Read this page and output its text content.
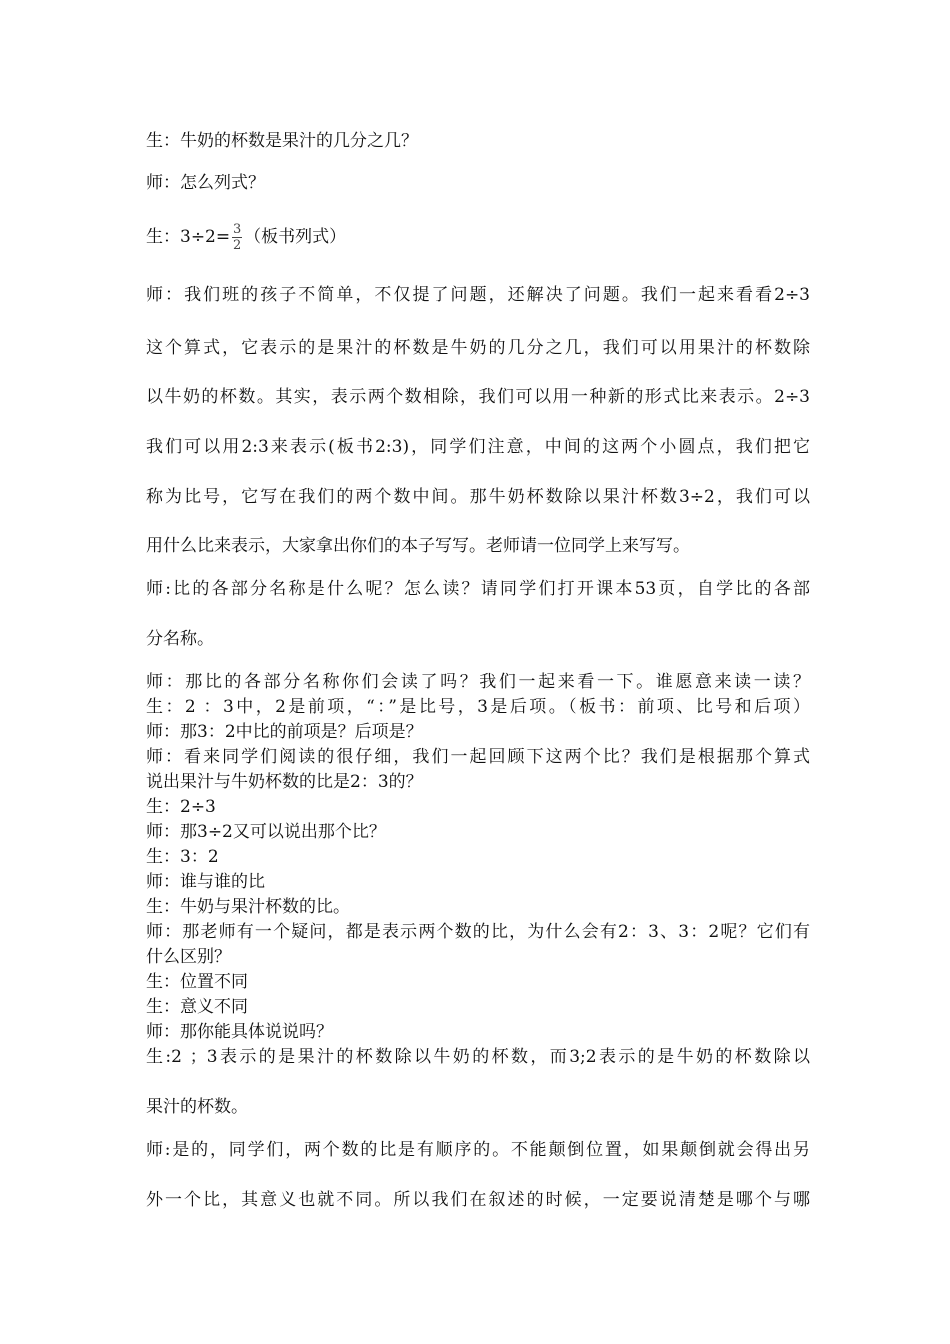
生：牛奶的杯数是果汁的几分之几？
师：怎么列式？
生：$3\div 2= \frac{3}{2}$ （板书列式）
师：我们班的孩子不简单，不仅提了问题，还解决了问题。我们一起来看看2÷3
这个算式，它表示的是果汁的杯数是牛奶的几分之几，我们可以用果汁的杯数除
以牛奶的杯数。其实，表示两个数相除，我们可以用一种新的形式比来表示。2÷3
我们可以用2:3来表示(板书2:3)，同学们注意，中间的这两个小圆点，我们把它
称为比号，它写在我们的两个数中间。那牛奶杯数除以果汁杯数3÷2，我们可以
用什么比来表示，大家拿出你们的本子写写。老师请一位同学上来写写。
师:比的各部分名称是什么呢？怎么读？请同学们打开课本53页，自学比的各部
分名称。
师：那比的各部分名称你们会读了吗？我们一起来看一下。谁愿意来读一读？
生：2 ：3中，2是前项，“：”是比号，3是后项。（板书：前项、比号和后项）
师：那3：2中比的前项是？后项是？
师：看来同学们阅读的很仔细，我们一起回顾下这两个比？我们是根据那个算式
说出果汁与牛奶杯数的比是2：3的？
生：2÷3
师：那3÷2又可以说出那个比？
生：3：2
师：谁与谁的比
生：牛奶与果汁杯数的比。
师：那老师有一个疑问，都是表示两个数的比，为什么会有2：3、3：2呢？它们有
什么区别？
生：位置不同
生：意义不同
师：那你能具体说说吗？
生:2 ；3表示的是果汁的杯数除以牛奶的杯数，而3;2表示的是牛奶的杯数除以
果汁的杯数。
师:是的，同学们，两个数的比是有顺序的。不能颠倒位置，如果颠倒就会得出另
外一个比，其意义也就不同。所以我们在叙述的时候，一定要说清楚是哪个与哪
